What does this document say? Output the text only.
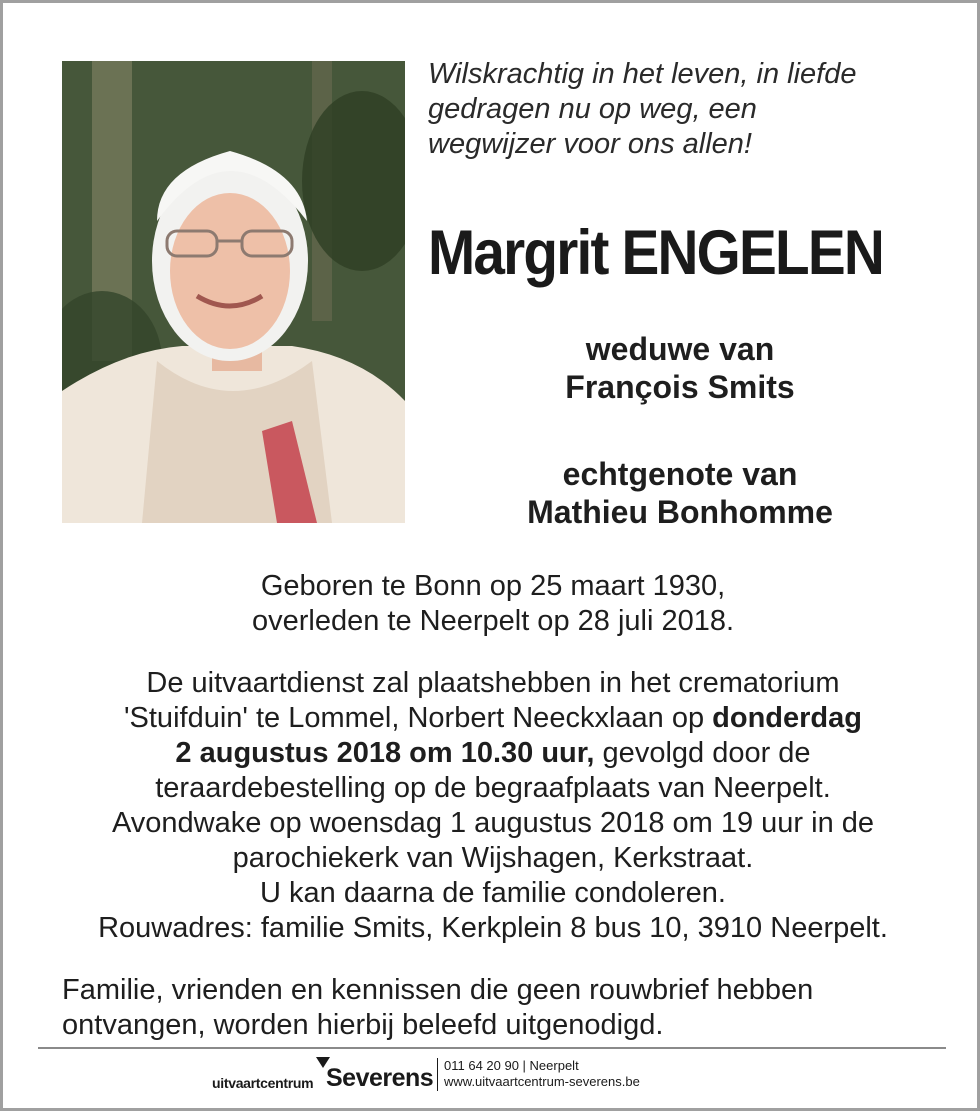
Wilskrachtig in het leven, in liefde
gedragen nu op weg, een
wegwijzer voor ons allen!
Margrit ENGELEN
weduwe van
François Smits
echtgenote van
Mathieu Bonhomme
Geboren te Bonn op 25 maart 1930,
overleden te Neerpelt op 28 juli 2018.
De uitvaartdienst zal plaatshebben in het crematorium
'Stuifduin' te Lommel, Norbert Neeckxlaan op donderdag
2 augustus 2018 om 10.30 uur, gevolgd door de
teraardebestelling op de begraafplaats van Neerpelt.
Avondwake op woensdag 1 augustus 2018 om 19 uur in de
parochiekerk van Wijshagen, Kerkstraat.
U kan daarna de familie condoleren.
Rouwadres: familie Smits, Kerkplein 8 bus 10, 3910 Neerpelt.
Familie, vrienden en kennissen die geen rouwbrief hebben
ontvangen, worden hierbij beleefd uitgenodigd.
uitvaartcentrum Severens 011 64 20 90 | Neerpelt
www.uitvaartcentrum-severens.be
